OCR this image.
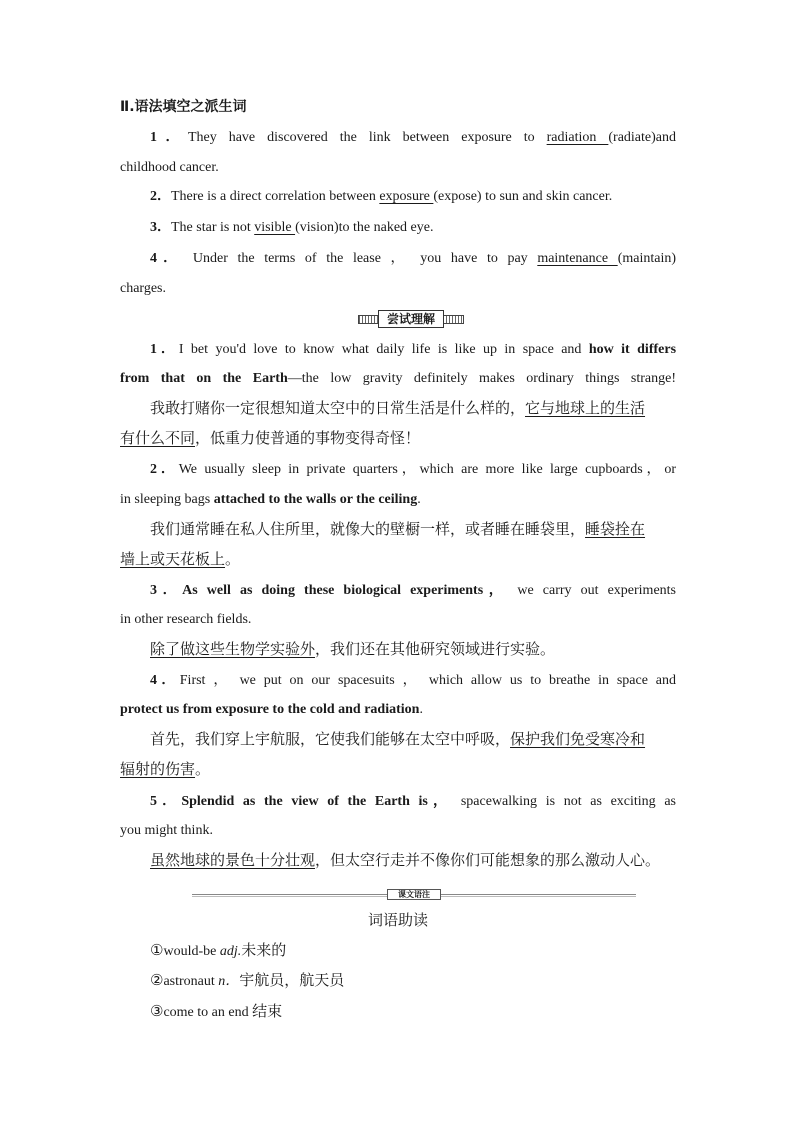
Ⅱ.语法填空之派生词
1．They have discovered the link between exposure to radiation (radiate)and
childhood cancer.
2．There is a direct correlation between exposure (expose) to sun and skin cancer.
3．The star is not visible (vision)to the naked eye.
4． Under the terms of the lease ， you have to pay maintenance (maintain)
charges.
尝试理解
1．I bet you'd love to know what daily life is like up in space and how it differs
from that on the Earth—the low gravity definitely makes ordinary things strange!
我敢打赌你一定很想知道太空中的日常生活是什么样的，它与地球上的生活
有什么不同，低重力使普通的事物变得奇怪！
2．We usually sleep in private quarters，which are more like large cupboards，or
in sleeping bags attached to the walls or the ceiling.
我们通常睡在私人住所里，就像大的壁橱一样，或者睡在睡袋里，睡袋拴在
墙上或天花板上。
3．As well as doing these biological experiments， we carry out experiments
in other research fields.
除了做这些生物学实验外，我们还在其他研究领域进行实验。
4．First ， we put on our spacesuits ， which allow us to breathe in space and
protect us from exposure to the cold and radiation.
首先，我们穿上宇航服，它使我们能够在太空中呼吸，保护我们免受寒冷和
辐射的伤害。
5．Splendid as the view of the Earth is， spacewalking is not as exciting as
you might think.
虽然地球的景色十分壮观，但太空行走并不像你们可能想象的那么激动人心。
课文语注
词语助读
①would-be adj.未来的
②astronaut n．宇航员，航天员
③come to an end 结束
